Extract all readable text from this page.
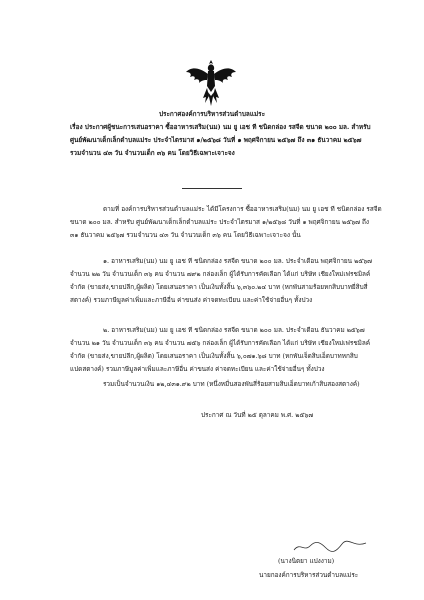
ประกาศองค์การบริหารส่วนตำบลแม่ระ
เรื่อง ประกาศผู้ชนะการเสนอราคา ซื้ออาหารเสริม(นม) นม ยู เอช ที ชนิดกล่อง รสจืด ขนาด ๒๐๐ มล. สำหรับ
ศูนย์พัฒนาเด็กเล็กตำบลแม่ระ ประจำไตรมาส ๑/๒๕๖๘ วันที่ ๑ พฤศจิกายน ๒๕๖๗ ถึง ๓๑ ธันวาคม ๒๕๖๗
รวมจำนวน ๔๓ วัน จำนวนเด็ก ๓๖ คน โดยวิธีเฉพาะเจาะจง
ตามที่ องค์การบริหารส่วนตำบลแม่ระ ได้มีโครงการ ซื้ออาหารเสริม(นม) นม ยู เอช ที ชนิดกล่อง รสจืด
ขนาด ๒๐๐ มล. สำหรับ ศูนย์พัฒนาเด็กเล็กตำบลแม่ระ ประจำไตรมาส ๑/๒๕๖๘ วันที่ ๑ พฤศจิกายน ๒๕๖๗ ถึง
๓๑ ธันวาคม ๒๕๖๗ รวมจำนวน ๔๓ วัน จำนวนเด็ก ๓๖ คน โดยวิธีเฉพาะเจาะจง นั้น
๑. อาหารเสริม(นม) นม ยู เอช ที ชนิดกล่อง รสจืด ขนาด ๒๐๐ มล. ประจำเดือน พฤศจิกายน ๒๕๖๗
จำนวน ๒๒ วัน จำนวนเด็ก ๓๖ คน จำนวน ๗๙๒ กล่องเล็ก ผู้ได้รับการคัดเลือก ได้แก่ บริษัท เชียงใหม่เฟรชมิลค์
จำกัด (ขายส่ง,ขายปลีก,ผู้ผลิต) โดยเสนอราคา เป็นเงินทั้งสิ้น ๖,๓๖๐.๒๔ บาท (หกพันสามร้อยหกสิบบาทยี่สิบสี่
สตางค์) รวมภาษีมูลค่าเพิ่มและภาษีอื่น ค่าขนส่ง ค่าจดทะเบียน และค่าใช้จ่ายอื่นๆ ทั้งปวง
๒. อาหารเสริม(นม) นม ยู เอช ที ชนิดกล่อง รสจืด ขนาด ๒๐๐ มล. ประจำเดือน ธันวาคม ๒๕๖๗
จำนวน ๒๑ วัน จำนวนเด็ก ๓๖ คน จำนวน ๗๕๖ กล่องเล็ก ผู้ได้รับการคัดเลือก ได้แก่ บริษัท เชียงใหม่เฟรชมิลค์
จำกัด (ขายส่ง,ขายปลีก,ผู้ผลิต) โดยเสนอราคา เป็นเงินทั้งสิ้น ๖,๐๗๑.๖๘ บาท (หกพันเจ็ดสิบเอ็ดบาทหกสิบ
แปดสตางค์) รวมภาษีมูลค่าเพิ่มและภาษีอื่น ค่าขนส่ง ค่าจดทะเบียน และค่าใช้จ่ายอื่นๆ ทั้งปวง
รวมเป็นจำนวนเงิน ๑๒,๔๓๑.๙๒ บาท (หนึ่งหมื่นสองพันสี่ร้อยสามสิบเอ็ดบาทเก้าสิบสองสตางค์)
ประกาศ ณ วันที่ ๒๕ ตุลาคม พ.ศ. ๒๕๖๗
(นางนิตยา แปงงาม)
นายกองค์การบริหารส่วนตำบลแม่ระ
